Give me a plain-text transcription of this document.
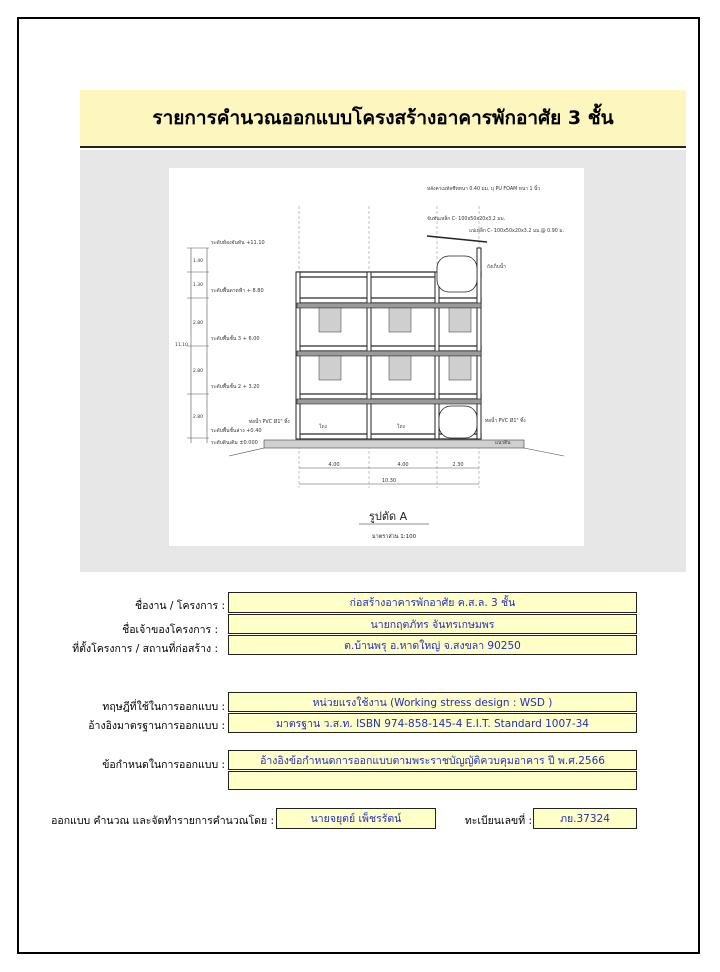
รายการคำนวณออกแบบโครงสร้างอาคารพักอาศัย 3 ชั้น
ระดับท้องจันทัน +11.10
ระดับพื้นดาดฟ้า + 8.80
ระดับพื้นชั้น 3 + 6.00
ระดับพื้นชั้น 2 + 3.20
ระดับพื้นชั้นล่าง +0.40
ระดับดินเดิม ±0.000
1.40
1.30
2.80
2.80
2.80
11.10
หลังคาเมทัลชีทหนา 0.40 มม. บุ PU FOAM หนา 1 นิ้ว
จันทันเหล็ก C- 100x50x20x3.2 มม.
แปเหล็ก C- 100x50x20x3.2 มม.@ 0.90 ม.
ถังเก็บน้ำ
ท่อน้ำ PVC Ø1" ทิ้ง	ท่อน้ำ PVC Ø1" ทิ้ง
แนวดิน
โถง	โถง
4.00	4.00	2.30
10.30
รูปตัด A
มาตราส่วน 1:100
ชื่องาน / โครงการ :	ก่อสร้างอาคารพักอาศัย ค.ส.ล. 3 ชั้น
ชื่อเจ้าของโครงการ :	นายกฤตภัทร จันทรเกษมพร
ที่ตั้งโครงการ / สถานที่ก่อสร้าง :	ต.บ้านพรุ อ.หาดใหญ่ จ.สงขลา 90250
ทฤษฎีที่ใช้ในการออกแบบ :	หน่วยแรงใช้งาน (Working stress design : WSD )
อ้างอิงมาตรฐานการออกแบบ :	มาตรฐาน ว.ส.ท. ISBN 974-858-145-4 E.I.T. Standard 1007-34
ข้อกำหนดในการออกแบบ :	อ้างอิงข้อกำหนดการออกแบบตามพระราชบัญญัติควบคุมอาคาร ปี พ.ศ.2566
ออกแบบ คำนวณ และจัดทำรายการคำนวณโดย :	นายจยุตย์ เพ็ชรรัตน์	ทะเบียนเลขที่ :	ภย.37324
